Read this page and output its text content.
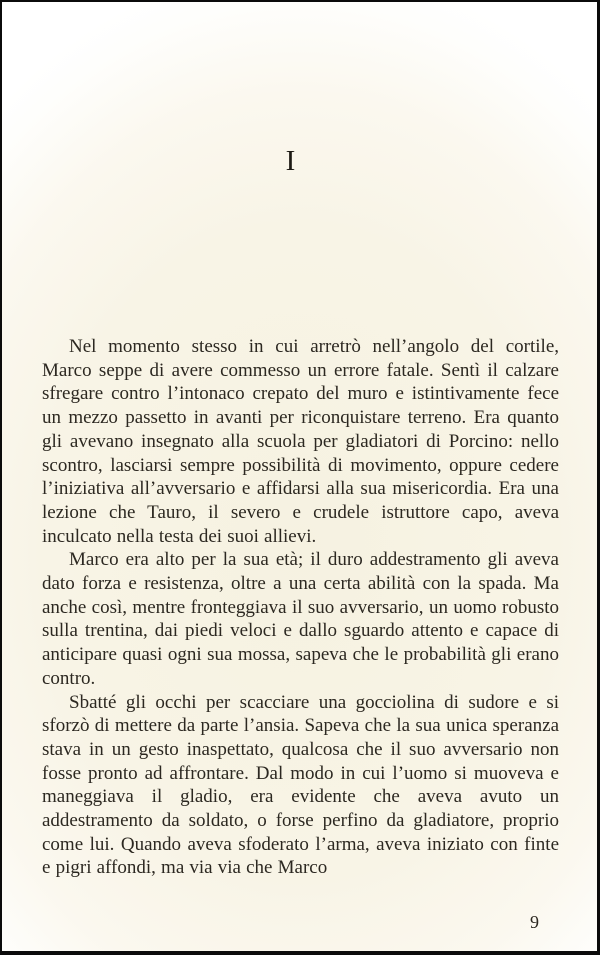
I

Nel momento stesso in cui arretrò nell’angolo del cortile, Marco seppe di avere commesso un errore fatale. Sentì il calzare sfregare contro l’intonaco crepato del muro e istintivamente fece un mezzo passetto in avanti per riconquistare terreno. Era quanto gli avevano insegnato alla scuola per gladiatori di Porcino: nello scontro, lasciarsi sempre possibilità di movimento, oppure cedere l’iniziativa all’avversario e affidarsi alla sua misericordia. Era una lezione che Tauro, il severo e crudele istruttore capo, aveva inculcato nella testa dei suoi allievi.

Marco era alto per la sua età; il duro addestramento gli aveva dato forza e resistenza, oltre a una certa abilità con la spada. Ma anche così, mentre fronteggiava il suo avversario, un uomo robusto sulla trentina, dai piedi veloci e dallo sguardo attento e capace di anticipare quasi ogni sua mossa, sapeva che le probabilità gli erano contro.

Sbatté gli occhi per scacciare una gocciolina di sudore e si sforzò di mettere da parte l’ansia. Sapeva che la sua unica speranza stava in un gesto inaspettato, qualcosa che il suo avversario non fosse pronto ad affrontare. Dal modo in cui l’uomo si muoveva e maneggiava il gladio, era evidente che aveva avuto un addestramento da soldato, o forse perfino da gladiatore, proprio come lui. Quando aveva sfoderato l’arma, aveva iniziato con finte e pigri affondi, ma via via che Marco

9
